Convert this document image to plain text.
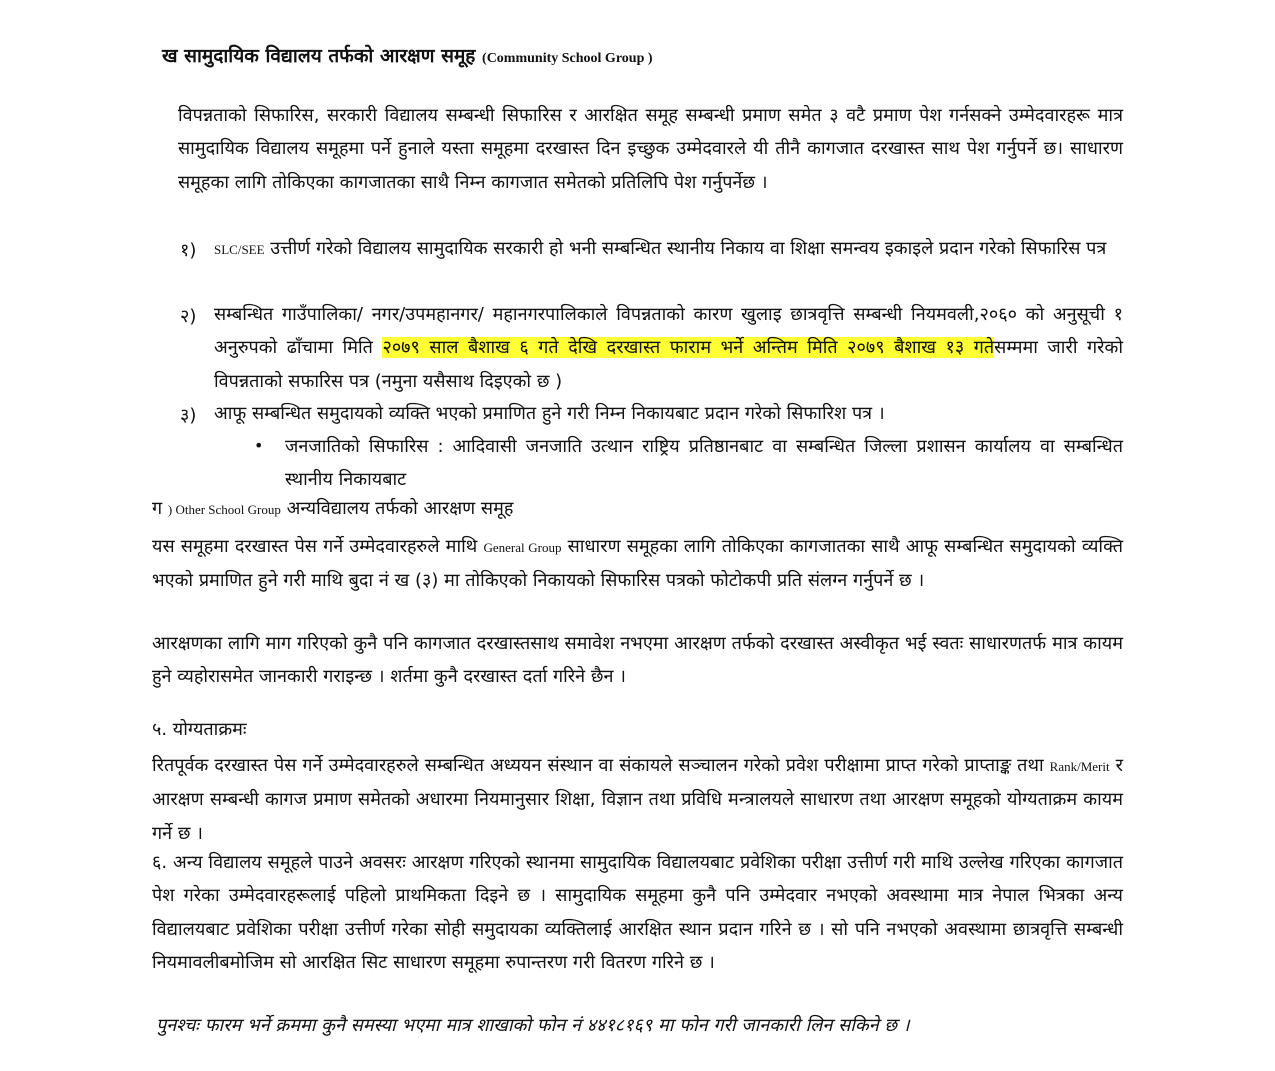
ख सामुदायिक विद्यालय तर्फको आरक्षण समूह (Community School Group )

विपन्नताको सिफारिस, सरकारी विद्यालय सम्बन्धी सिफारिस र आरक्षित समूह सम्बन्धी प्रमाण समेत ३ वटै प्रमाण पेश गर्नसक्ने उम्मेदवारहरू मात्र सामुदायिक विद्यालय समूहमा पर्ने हुनाले यस्ता समूहमा दरखास्त दिन इच्छुक उम्मेदवारले यी तीनै कागजात दरखास्त साथ पेश गर्नुपर्ने छ। साधारण समूहका लागि तोकिएका कागजातका साथै निम्न कागजात समेतको प्रतिलिपि पेश गर्नुपर्नेछ ।

१) SLC/SEE उत्तीर्ण गरेको विद्यालय सामुदायिक सरकारी हो भनी सम्बन्धित स्थानीय निकाय वा शिक्षा समन्वय इकाइले प्रदान गरेको सिफारिस पत्र

२) सम्बन्धित गाउँपालिका/ नगर/उपमहानगर/ महानगरपालिकाले विपन्नताको कारण खुलाइ छात्रवृत्ति सम्बन्धी नियमवली,२०६० को अनुसूची १ अनुरुपको ढाँचामा मिति २०७९ साल बैशाख ६ गते देखि दरखास्त फाराम भर्ने अन्तिम मिति २०७९ बैशाख १३ गतेसम्ममा जारी गरेको विपन्नताको सफारिस पत्र (नमुना यसैसाथ दिइएको छ )

३) आफू सम्बन्धित समुदायको व्यक्ति भएको प्रमाणित हुने गरी निम्न निकायबाट प्रदान गरेको सिफारिश पत्र ।

• जनजातिको सिफारिस : आदिवासी जनजाति उत्थान राष्ट्रिय प्रतिष्ठानबाट वा सम्बन्धित जिल्ला प्रशासन कार्यालय वा सम्बन्धित स्थानीय निकायबाट

ग ) Other School Group अन्यविद्यालय तर्फको आरक्षण समूह

यस समूहमा दरखास्त पेस गर्ने उम्मेदवारहरुले माथि General Group साधारण समूहका लागि तोकिएका कागजातका साथै आफू सम्बन्धित समुदायको व्यक्ति भएको प्रमाणित हुने गरी माथि बुदा नं ख (३) मा तोकिएको निकायको सिफारिस पत्रको फोटोकपी प्रति संलग्न गर्नुपर्ने छ ।

आरक्षणका लागि माग गरिएको कुनै पनि कागजात दरखास्तसाथ समावेश नभएमा आरक्षण तर्फको दरखास्त अस्वीकृत भई स्वतः साधारणतर्फ मात्र कायम हुने व्यहोरासमेत जानकारी गराइन्छ । शर्तमा कुनै दरखास्त दर्ता गरिने छैन ।

५. योग्यताक्रमः

रितपूर्वक दरखास्त पेस गर्ने उम्मेदवारहरुले सम्बन्धित अध्ययन संस्थान वा संकायले सञ्चालन गरेको प्रवेश परीक्षामा प्राप्त गरेको प्राप्ताङ्क तथा Rank/Merit र आरक्षण सम्बन्धी कागज प्रमाण समेतको अधारमा नियमानुसार शिक्षा, विज्ञान तथा प्रविधि मन्त्रालयले साधारण तथा आरक्षण समूहको योग्यताक्रम कायम गर्ने छ ।

६. अन्य विद्यालय समूहले पाउने अवसरः आरक्षण गरिएको स्थानमा सामुदायिक विद्यालयबाट प्रवेशिका परीक्षा उत्तीर्ण गरी माथि उल्लेख गरिएका कागजात पेश गरेका उम्मेदवारहरूलाई पहिलो प्राथमिकता दिइने छ । सामुदायिक समूहमा कुनै पनि उम्मेदवार नभएको अवस्थामा मात्र नेपाल भित्रका अन्य विद्यालयबाट प्रवेशिका परीक्षा उत्तीर्ण गरेका सोही समुदायका व्यक्तिलाई आरक्षित स्थान प्रदान गरिने छ । सो पनि नभएको अवस्थामा छात्रवृत्ति सम्बन्धी नियमावलीबमोजिम सो आरक्षित सिट साधारण समूहमा रुपान्तरण गरी वितरण गरिने छ ।

पुनश्चः फारम भर्ने क्रममा कुनै समस्या भएमा मात्र शाखाको फोन नं ४४१८१६९ मा फोन गरी जानकारी लिन सकिने छ ।
